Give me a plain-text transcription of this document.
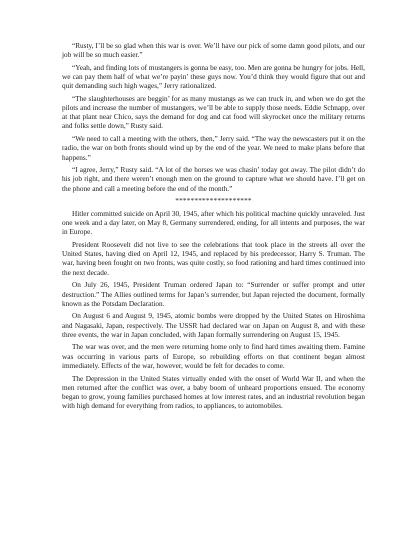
“Rusty, I’ll be so glad when this war is over. We’ll have our pick of some damn good pilots, and our job will be so much easier.”

“Yeah, and finding lots of mustangers is gonna be easy, too. Men are gonna be hungry for jobs. Hell, we can pay them half of what we’re payin’ these guys now. You’d think they would figure that out and quit demanding such high wages,” Jerry rationalized.

“The slaughterhouses are beggin’ for as many mustangs as we can truck in, and when we do get the pilots and increase the number of mustangers, we’ll be able to supply those needs. Eddie Schnapp, over at that plant near Chico, says the demand for dog and cat food will skyrocket once the military returns and folks settle down,” Rusty said.

“We need to call a meeting with the others, then,” Jerry said. “The way the newscasters put it on the radio, the war on both fronts should wind up by the end of the year. We need to make plans before that happens.”

“I agree, Jerry,” Rusty said. “A lot of the horses we was chasin’ today got away. The pilot didn’t do his job right, and there weren’t enough men on the ground to capture what we should have. I’ll get on the phone and call a meeting before the end of the month.”

********************

Hitler committed suicide on April 30, 1945, after which his political machine quickly unraveled. Just one week and a day later, on May 8, Germany surrendered, ending, for all intents and purposes, the war in Europe.

President Roosevelt did not live to see the celebrations that took place in the streets all over the United States, having died on April 12, 1945, and replaced by his predecessor, Harry S. Truman. The war, having been fought on two fronts, was quite costly, so food rationing and hard times continued into the next decade.

On July 26, 1945, President Truman ordered Japan to: “Surrender or suffer prompt and utter destruction.” The Allies outlined terms for Japan’s surrender, but Japan rejected the document, formally known as the Potsdam Declaration.

On August 6 and August 9, 1945, atomic bombs were dropped by the United States on Hiroshima and Nagasaki, Japan, respectively. The USSR had declared war on Japan on August 8, and with these three events, the war in Japan concluded, with Japan formally surrendering on August 15, 1945.

The war was over, and the men were returning home only to find hard times awaiting them. Famine was occurring in various parts of Europe, so rebuilding efforts on that continent began almost immediately. Effects of the war, however, would be felt for decades to come.

The Depression in the United States virtually ended with the onset of World War II, and when the men returned after the conflict was over, a baby boom of unheard proportions ensued. The economy began to grow, young families purchased homes at low interest rates, and an industrial revolution began with high demand for everything from radios, to appliances, to automobiles.
